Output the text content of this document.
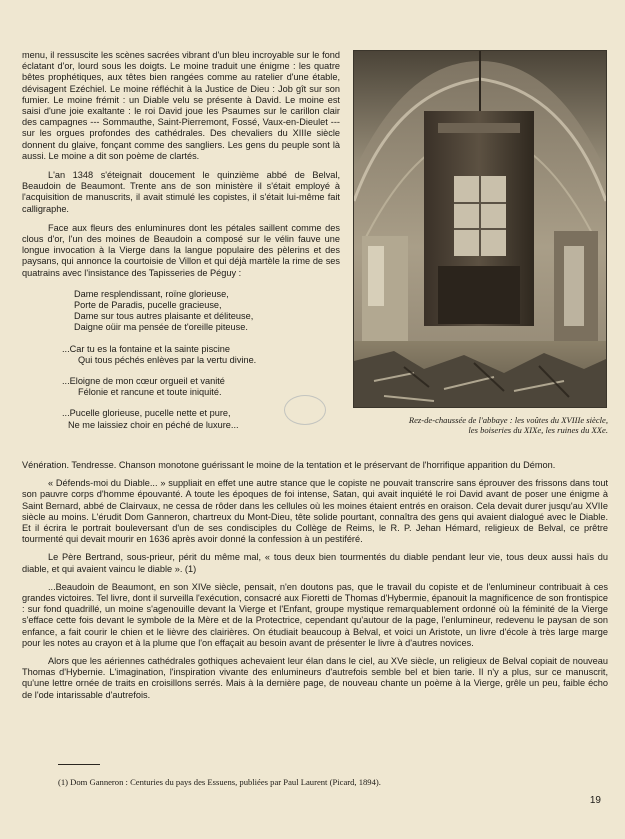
menu, il ressuscite les scènes sacrées vibrant d'un bleu incroyable sur le fond éclatant d'or, lourd sous les doigts. Le moine traduit une énigme : les quatre bêtes prophétiques, aux têtes bien rangées comme au ratelier d'une étable, dévisagent Ezéchiel. Le moine réfléchit à la Justice de Dieu : Job gît sur son fumier. Le moine frémit : un Diable velu se présente à David. Le moine est saisi d'une joie exaltante : le roi David joue les Psaumes sur le carillon clair des campagnes --- Sommauthe, Saint-Pierremont, Fossé, Vaux-en-Dieulet --- sur les orgues profondes des cathédrales. Des chevaliers du XIIIe siècle donnent du glaive, fonçant comme des sangliers. Les gens du peuple sont là aussi. Le moine a dit son poème de clartés.

L'an 1348 s'éteignait doucement le quinzième abbé de Belval, Beaudoin de Beaumont. Trente ans de son ministère il s'était employé à l'acquisition de manuscrits, il avait stimulé les copistes, il s'était lui-même fait calligraphe.

Face aux fleurs des enluminures dont les pétales saillent comme des clous d'or, l'un des moines de Beaudoin a composé sur le vélin fauve une longue invocation à la Vierge dans la langue populaire des pèlerins et des paysans, qui annonce la courtoisie de Villon et qui déjà martèle la rime de ses quatrains avec l'insistance des Tapisseries de Péguy :

Dame resplendissant, roïne glorieuse,
Porte de Paradis, pucelle gracieuse,
Dame sur tous autres plaisante et déliteuse,
Daigne oüir ma pensée de t'oreille piteuse.
...Car tu es la fontaine et la sainte piscine
Qui tous péchés enlèves par la vertu divine.
...Eloigne de mon cœur orgueil et vanité
Félonie et rancune et toute iniquité.
...Pucelle glorieuse, pucelle nette et pure,
Ne me laissiez choir en péché de luxure...	Rez-de-chaussée de l'abbaye : les voûtes du XVIIIe siècle,
les boiseries du XIXe, les ruines du XXe.

Vénération. Tendresse. Chanson monotone guérissant le moine de la tentation et le préservant de l'horrifique apparition du Démon.

« Défends-moi du Diable... » suppliait en effet une autre stance que le copiste ne pouvait transcrire sans éprouver des frissons dans tout son pauvre corps d'homme épouvanté. A toute les époques de foi intense, Satan, qui avait inquiété le roi David avant de poser une énigme à Saint Bernard, abbé de Clairvaux, ne cessa de rôder dans les cellules où les moines étaient entrés en oraison. Cela devait durer jusqu'au XVIIe siècle au moins. L'érudit Dom Ganneron, chartreux du Mont-Dieu, tête solide pourtant, connaîtra des gens qui avaient dialogué avec le Diable. Et il écrira le portrait bouleversant d'un de ses condisciples du Collège de Reims, le R. P. Jehan Hémard, religieux de Belval, ce prêtre tourmenté qui devait mourir en 1636 après avoir donné la confession à un pestiféré.

Le Père Bertrand, sous-prieur, périt du même mal, « tous deux bien tourmentés du diable pendant leur vie, tous deux aussi haïs du diable, et qui avaient vaincu le diable ». (1)

...Beaudoin de Beaumont, en son XIVe siècle, pensait, n'en doutons pas, que le travail du copiste et de l'enlumineur contribuait à ces grandes victoires. Tel livre, dont il surveilla l'exécution, consacré aux Fioretti de Thomas d'Hybermie, épanouit la magnificence de son frontispice : sur fond quadrillé, un moine s'agenouille devant la Vierge et l'Enfant, groupe mystique remarquablement ordonné où la féminité de la Vierge s'efface cette fois devant le symbole de la Mère et de la Protectrice, cependant qu'autour de la page, l'enlumineur, redevenu le paysan de son enfance, a fait courir le chien et le lièvre des clairières. On étudiait beaucoup à Belval, et voici un Aristote, un livre d'école à très large marge pour les notes au crayon et à la plume que l'on effaçait au besoin avant de présenter le livre à d'autres novices.

Alors que les aériennes cathédrales gothiques achevaient leur élan dans le ciel, au XVe siècle, un religieux de Belval copiait de nouveau Thomas d'Hybernie. L'imagination, l'inspiration vivante des enlumineurs d'autrefois semble bel et bien tarie. Il n'y a plus, sur ce manuscrit, qu'une lettre ornée de traits en croisillons serrés. Mais à la dernière page, de nouveau chante un poème à la Vierge, grêle un peu, faible écho de l'ode intarissable d'autrefois.

(1) Dom Ganneron : Centuries du pays des Essuens, publiées par Paul Laurent (Picard, 1894).
19
